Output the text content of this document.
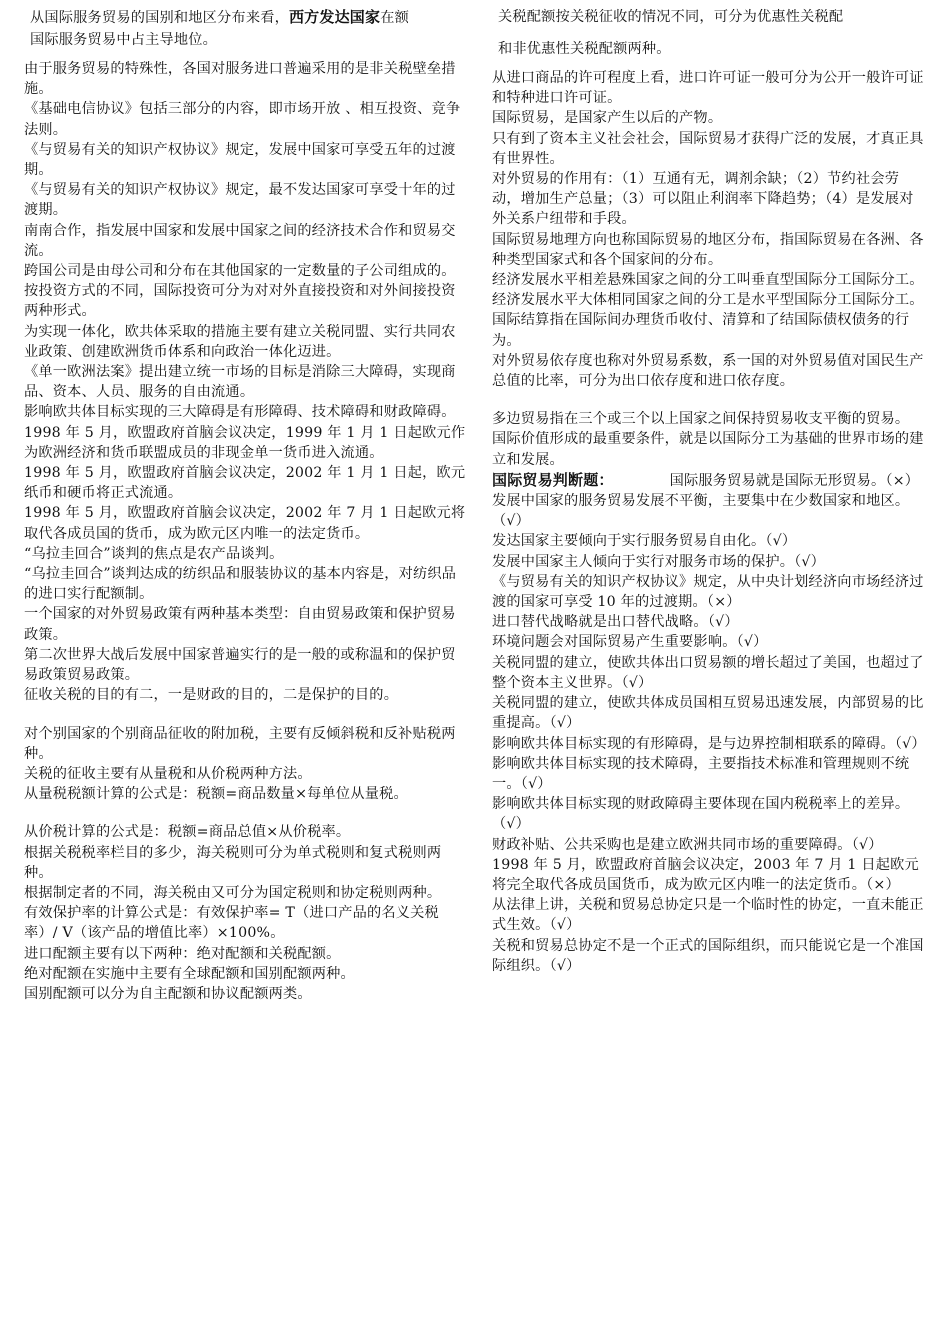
从国际服务贸易的国别和地区分布来看，西方发达国家在额

国际服务贸易中占主导地位。

由于服务贸易的特殊性，各国对服务进口普遍采用的是非关税壁垒措施。

《基础电信协议》包括三部分的内容，即市场开放 、相互投资、竞争法则。

《与贸易有关的知识产权协议》规定，发展中国家可享受五年的过渡期。

《与贸易有关的知识产权协议》规定，最不发达国家可享受十年的过渡期。

南南合作，指发展中国家和发展中国家之间的经济技术合作和贸易交流。

跨国公司是由母公司和分布在其他国家的一定数量的子公司组成的。

按投资方式的不同，国际投资可分为对对外直接投资和对外间接投资两种形式。

为实现一体化，欧共体采取的措施主要有建立关税同盟、实行共同农业政策、创建欧洲货币体系和向政治一体化迈进。

《单一欧洲法案》提出建立统一市场的目标是消除三大障碍，实现商品、资本、人员、服务的自由流通。

影响欧共体目标实现的三大障碍是有形障碍、技术障碍和财政障碍。

1998 年 5 月，欧盟政府首脑会议决定，1999 年 1 月 1 日起欧元作为欧洲经济和货币联盟成员的非现金单一货币进入流通。

1998 年 5 月，欧盟政府首脑会议决定，2002 年 1 月 1 日起，欧元纸币和硬币将正式流通。

1998 年 5 月，欧盟政府首脑会议决定，2002 年 7 月 1 日起欧元将取代各成员国的货币，成为欧元区内唯一的法定货币。

“乌拉圭回合”谈判的焦点是农产品谈判。

“乌拉圭回合”谈判达成的纺织品和服装协议的基本内容是，对纺织品的进口实行配额制。

一个国家的对外贸易政策有两种基本类型：自由贸易政策和保护贸易政策。

第二次世界大战后发展中国家普遍实行的是一般的或称温和的保护贸易政策贸易政策。

征收关税的目的有二，一是财政的目的，二是保护的目的。

对个别国家的个别商品征收的附加税，主要有反倾斜税和反补贴税两种。

关税的征收主要有从量税和从价税两种方法。

从量税税额计算的公式是：税额=商品数量×每单位从量税。

从价税计算的公式是：税额=商品总值×从价税率。

根据关税税率栏目的多少，海关税则可分为单式税则和复式税则两种。

根据制定者的不同，海关税由又可分为国定税则和协定税则两种。

有效保护率的计算公式是：有效保护率= T（进口产品的名义关税率）/ V（该产品的增值比率）×100%。

进口配额主要有以下两种：绝对配额和关税配额。

绝对配额在实施中主要有全球配额和国别配额两种。

国别配额可以分为自主配额和协议配额两类。

关税配额按关税征收的情况不同，可分为优惠性关税配

和非优惠性关税配额两种。

从进口商品的许可程度上看，进口许可证一般可分为公开一般许可证和特种进口许可证。

国际贸易，是国家产生以后的产物。

只有到了资本主义社会社会，国际贸易才获得广泛的发展，才真正具有世界性。

对外贸易的作用有：（1）互通有无，调剂余缺；（2）节约社会劳动，增加生产总量；（3）可以阻止利润率下降趋势；（4）是发展对外关系户纽带和手段。

国际贸易地理方向也称国际贸易的地区分布，指国际贸易在各洲、各种类型国家式和各个国家间的分布。

经济发展水平相差悬殊国家之间的分工叫垂直型国际分工国际分工。

经济发展水平大体相同国家之间的分工是水平型国际分工国际分工。

国际结算指在国际间办理货币收付、清算和了结国际债权债务的行为。

对外贸易依存度也称对外贸易系数，系一国的对外贸易值对国民生产总值的比率，可分为出口依存度和进口依存度。

多边贸易指在三个或三个以上国家之间保持贸易收支平衡的贸易。

国际价值形成的最重要条件，就是以国际分工为基础的世界市场的建立和发展。

国际贸易判断题：	国际服务贸易就是国际无形贸易。（×）

发展中国家的服务贸易发展不平衡，主要集中在少数国家和地区。（√）

发达国家主要倾向于实行服务贸易自由化。（√）

发展中国家主人倾向于实行对服务市场的保护。（√）

《与贸易有关的知识产权协议》规定，从中央计划经济向市场经济过渡的国家可享受 10 年的过渡期。（×）

进口替代战略就是出口替代战略。（√）

环境问题会对国际贸易产生重要影响。（√）

关税同盟的建立，使欧共体出口贸易额的增长超过了美国，也超过了整个资本主义世界。（√）

关税同盟的建立，使欧共体成员国相互贸易迅速发展，内部贸易的比重提高。（√）

影响欧共体目标实现的有形障碍，是与边界控制相联系的障碍。（√）

影响欧共体目标实现的技术障碍，主要指技术标准和管理规则不统一。（√）

影响欧共体目标实现的财政障碍主要体现在国内税税率上的差异。（√）

财政补贴、公共采购也是建立欧洲共同市场的重要障碍。（√）

1998 年 5 月，欧盟政府首脑会议决定，2003 年 7 月 1 日起欧元将完全取代各成员国货币，成为欧元区内唯一的法定货币。（×）

从法律上讲，关税和贸易总协定只是一个临时性的协定，一直未能正式生效。（√）

关税和贸易总协定不是一个正式的国际组织，而只能说它是一个准国际组织。（√）
